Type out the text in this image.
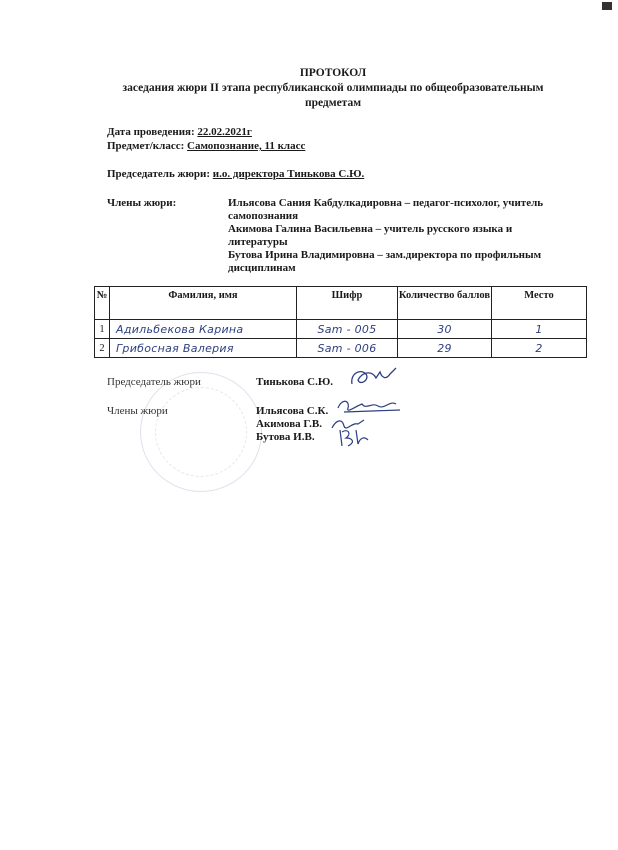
ПРОТОКОЛ
заседания жюри II этапа республиканской олимпиады по общеобразовательным
предметам
Дата проведения: 22.02.2021г
Предмет/класс: Самопознание, 11 класс
Председатель жюри: и.о. директора Тинькова С.Ю.
Члены жюри:	Ильясова Сания Кабдулкадировна – педагог-психолог, учитель
самопознания
Акимова Галина Васильевна – учитель русского языка и
литературы
Бутова Ирина Владимировна – зам.директора по профильным
дисциплинам
№	Фамилия, имя	Шифр	Количество баллов	Место
1	Адильбекова Карина	Sam - 005	30	1
2	Грибосная Валерия	Sam - 006	29	2
Председатель жюри	Тинькова С.Ю.
Члены жюри	Ильясова С.К.
Акимова Г.В.
Бутова И.В.
